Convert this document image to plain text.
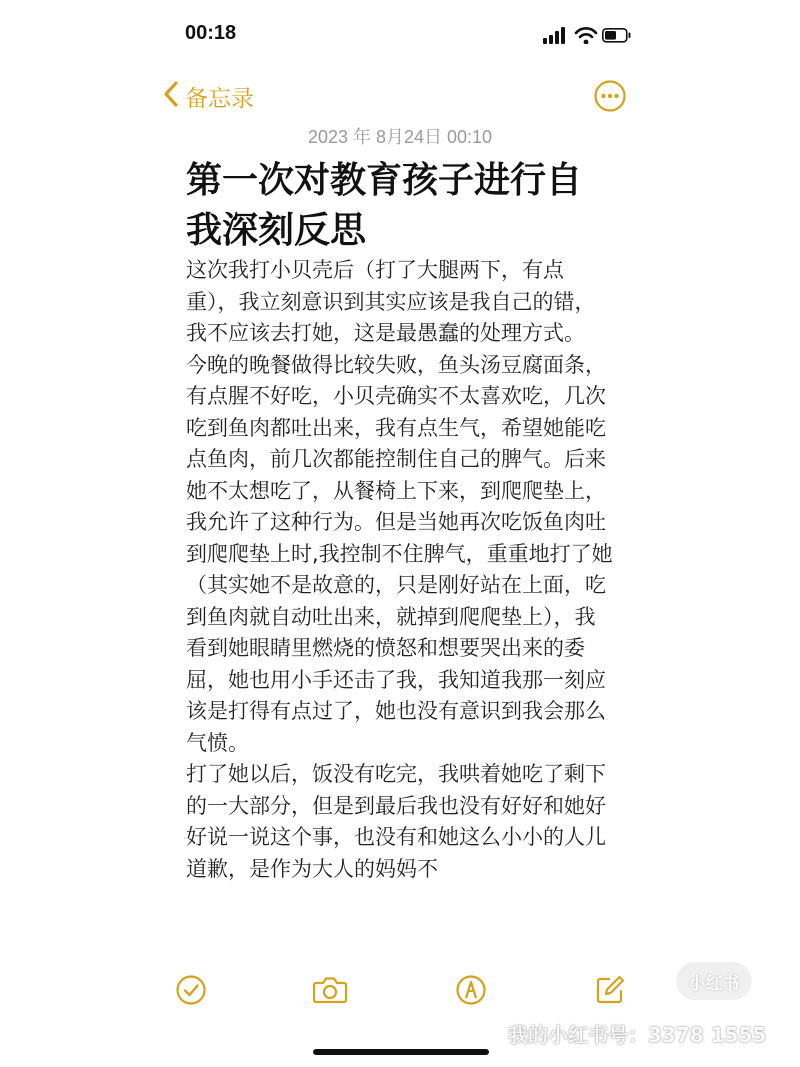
00:18
备忘录
2023 年 8月24日 00:10
第一次对教育孩子进行自我深刻反思

这次我打小贝壳后（打了大腿两下，有点重），我立刻意识到其实应该是我自己的错，我不应该去打她，这是最愚蠢的处理方式。

今晚的晚餐做得比较失败，鱼头汤豆腐面条，有点腥不好吃，小贝壳确实不太喜欢吃，几次吃到鱼肉都吐出来，我有点生气，希望她能吃点鱼肉，前几次都能控制住自己的脾气。后来她不太想吃了，从餐椅上下来，到爬爬垫上，我允许了这种行为。但是当她再次吃饭鱼肉吐到爬爬垫上时,我控制不住脾气，重重地打了她（其实她不是故意的，只是刚好站在上面，吃到鱼肉就自动吐出来，就掉到爬爬垫上），我看到她眼睛里燃烧的愤怒和想要哭出来的委屈，她也用小手还击了我，我知道我那一刻应该是打得有点过了，她也没有意识到我会那么气愤。

打了她以后，饭没有吃完，我哄着她吃了剩下的一大部分，但是到最后我也没有好好和她好好说一说这个事，也没有和她这么小小的人儿道歉，是作为大人的妈妈不

小红书
我的小红书号：3378 1555
